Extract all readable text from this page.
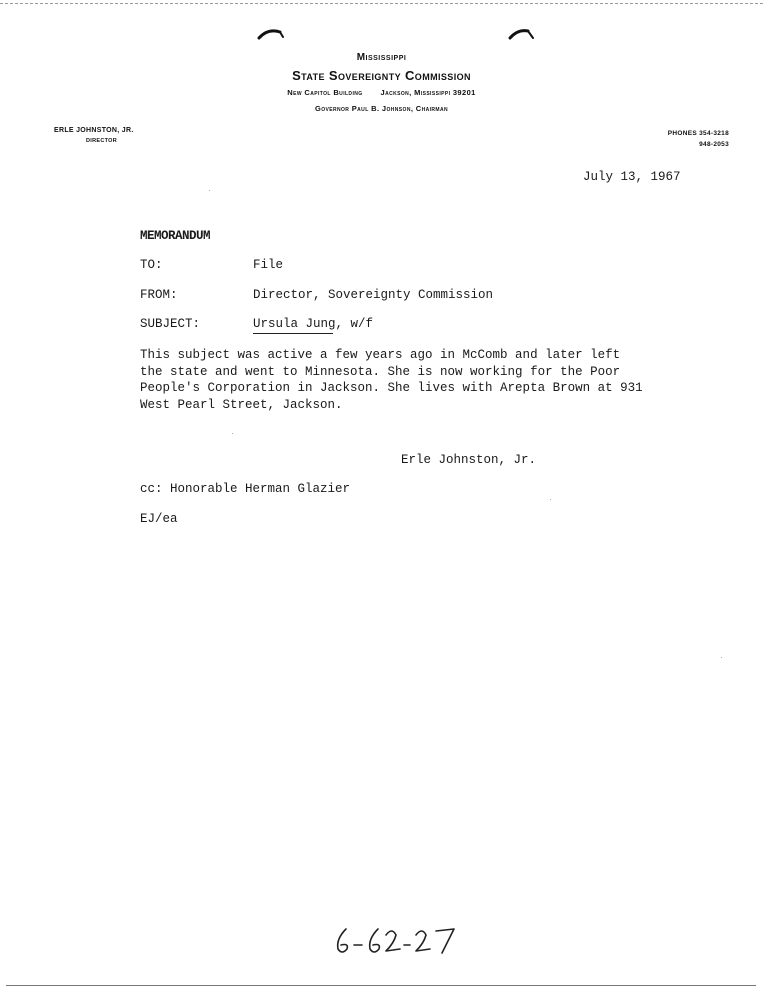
Mississippi
State Sovereignty Commission
New Capitol Building Jackson, Mississippi 39201
Governor Paul B. Johnson, Chairman
ERLE JOHNSTON, JR.
DIRECTOR
PHONES 354-3218
948-2053
July 13, 1967
MEMORANDUM
TO:	File
FROM:	Director, Sovereignty Commission
SUBJECT:	Ursula Jung, w/f
This subject was active a few years ago in McComb and later left
the state and went to Minnesota. She is now working for the Poor
People's Corporation in Jackson. She lives with Arepta Brown at 931
West Pearl Street, Jackson.
Erle Johnston, Jr.
cc: Honorable Herman Glazier
EJ/ea
